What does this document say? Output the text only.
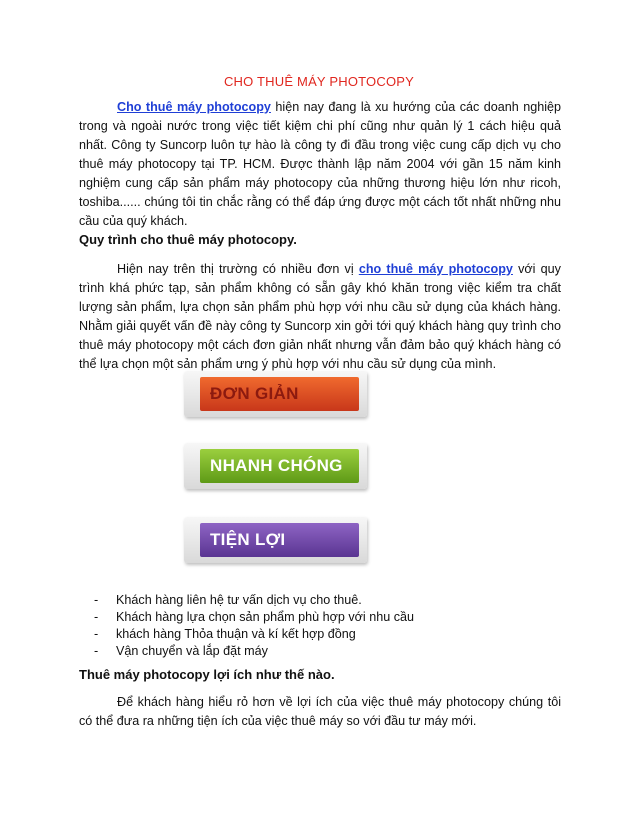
CHO THUÊ MÁY PHOTOCOPY
Cho thuê máy photocopy hiện nay đang là xu hướng của các doanh nghiệp trong và ngoài nước trong việc tiết kiệm chi phí cũng như quản lý 1 cách hiệu quả nhất. Công ty Suncorp luôn tự hào là công ty đi đầu trong việc cung cấp dịch vụ cho thuê máy photocopy tại TP. HCM. Được thành lập năm 2004 với gần 15 năm kinh nghiệm cung cấp sản phẩm máy photocopy của những thương hiệu lớn như ricoh, toshiba...... chúng tôi tin chắc rằng có thể đáp ứng được một cách tốt nhất những nhu cầu của quý khách.
Quy trình cho thuê máy photocopy.
Hiện nay trên thị trường có nhiều đơn vị cho thuê máy photocopy với quy trình khá phức tạp, sản phẩm không có sẵn gây khó khăn trong việc kiểm tra chất lượng sản phẩm, lựa chọn sản phẩm phù hợp với nhu cầu sử dụng của khách hàng. Nhằm giải quyết vấn đề này công ty Suncorp xin gởi tới quý khách hàng quy trình cho thuê máy photocopy một cách đơn giản nhất nhưng vẫn đảm bảo quý khách hàng có thể lựa chọn một sản phẩm ưng ý phù hợp với nhu cầu sử dụng của mình.
ĐƠN GIẢN
NHANH CHÓNG
TIỆN LỢI
- Khách hàng liên hệ tư vấn dịch vụ cho thuê.
- Khách hàng lựa chọn sản phẩm phù hợp với nhu cầu
- khách hàng Thỏa thuận và kí kết hợp đồng
- Vận chuyển và lắp đặt máy
Thuê máy photocopy lợi ích như thế nào.
Để khách hàng hiểu rỏ hơn về lợi ích của việc thuê máy photocopy chúng tôi có thể đưa ra những tiện ích của việc thuê máy so với đầu tư máy mới.
